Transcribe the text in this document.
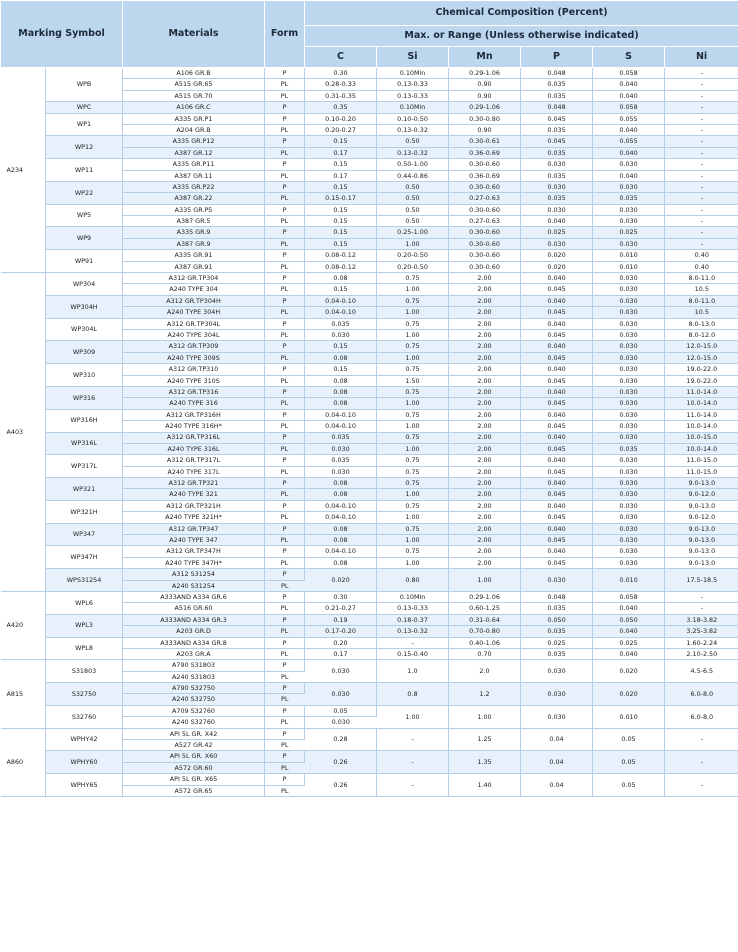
Marking Symbol		Materials	Form	Chemical Composition (Percent)					
				Max. or Range (Unless otherwise indicated)					
				C	Si	Mn	P	S	Ni
A234	WPB	A106 GR.B	P	0.30	0.10Min	0.29-1.06	0.048	0.058	-
		A515 GR.65	PL	0.28-0.33	0.13-0.33	0.90	0.035	0.040	-
		A515 GR.70	PL	0.31-0.35	0.13-0.33	0.90	0.035	0.040	-
	WPC	A106 GR.C	P	0.35	0.10Min	0.29-1.06	0.048	0.058	-
	WP1	A335 GR.P1	P	0.10-0.20	0.10-0.50	0.30-0.80	0.045	0.055	-
		A204 GR.B	PL	0.20-0.27	0.13-0.32	0.90	0.035	0.040	-
	WP12	A335 GR.P12	P	0.15	0.50	0.30-0.61	0.045	0.055	-
		A387 GR.12	PL	0.17	0.13-0.32	0.36-0.69	0.035	0.040	-
	WP11	A335 GR.P11	P	0.15	0.50-1.00	0.30-0.60	0.030	0.030	-
		A387 GR.11	PL	0.17	0.44-0.86	0.36-0.69	0.035	0.040	-
	WP22	A335 GR.P22	P	0.15	0.50	0.30-0.60	0.030	0.030	-
		A387 GR.22	PL	0.15-0.17	0.50	0.27-0.63	0.035	0.035	-
	WP5	A335 GR.P5	P	0.15	0.50	0.30-0.60	0.030	0.030	-
		A387 GR.5	PL	0.15	0.50	0.27-0.63	0.040	0.030	-
	WP9	A335 GR.9	P	0.15	0.25-1.00	0.30-0.60	0.025	0.025	-
		A387 GR.9	PL	0.15	1.00	0.30-0.60	0.030	0.030	-
	WP91	A335 GR.91	P	0.08-0.12	0.20-0.50	0.30-0.60	0.020	0.010	0.40
		A387 GR.91	PL	0.08-0.12	0.20-0.50	0.30-0.60	0.020	0.010	0.40
A403	WP304	A312 GR.TP304	P	0.08	0.75	2.00	0.040	0.030	8.0-11.0
		A240 TYPE 304	PL	0.15	1.00	2.00	0.045	0.030	10.5
	WP304H	A312 GR.TP304H	P	0.04-0.10	0.75	2.00	0.040	0.030	8.0-11.0
		A240 TYPE 304H	PL	0.04-0.10	1.00	2.00	0.045	0.030	10.5
	WP304L	A312 GR.TP304L	P	0.035	0.75	2.00	0.040	0.030	8.0-13.0
		A240 TYPE 304L	PL	0.030	1.00	2.00	0.045	0.030	8.0-12.0
	WP309	A312 GR.TP309	P	0.15	0.75	2.00	0.040	0.030	12.0-15.0
		A240 TYPE 309S	PL	0.08	1.00	2.00	0.045	0.030	12.0-15.0
	WP310	A312 GR.TP310	P	0.15	0.75	2.00	0.040	0.030	19.0-22.0
		A240 TYPE 310S	PL	0.08	1.50	2.00	0.045	0.030	19.0-22.0
	WP316	A312 GR.TP316	P	0.08	0.75	2.00	0.040	0.030	11.0-14.0
		A240 TYPE 316	PL	0.08	1.00	2.00	0.045	0.030	10.0-14.0
	WP316H	A312 GR.TP316H	P	0.04-0.10	0.75	2.00	0.040	0.030	11.0-14.0
		A240 TYPE 316H*	PL	0.04-0.10	1.00	2.00	0.045	0.030	10.0-14.0
	WP316L	A312 GR.TP316L	P	0.035	0.75	2.00	0.040	0.030	10.0-15.0
		A240 TYPE 316L	PL	0.030	1.00	2.00	0.045	0.035	10.0-14.0
	WP317L	A312 GR.TP317L	P	0.035	0.75	2.00	0.040	0.030	11.0-15.0
		A240 TYPE 317L	PL	0.030	0.75	2.00	0.045	0.030	11.0-15.0
	WP321	A312 GR.TP321	P	0.08	0.75	2.00	0.040	0.030	9.0-13.0
		A240 TYPE 321	PL	0.08	1.00	2.00	0.045	0.030	9.0-12.0
	WP321H	A312 GR.TP321H	P	0.04-0.10	0.75	2.00	0.040	0.030	9.0-13.0
		A240 TYPE 321H*	PL	0.04-0.10	1.00	2.00	0.045	0.030	9.0-12.0
	WP347	A312 GR.TP347	P	0.08	0.75	2.00	0.040	0.030	9.0-13.0
		A240 TYPE 347	PL	0.08	1.00	2.00	0.045	0.030	9.0-13.0
	WP347H	A312 GR.TP347H	P	0.04-0.10	0.75	2.00	0.040	0.030	9.0-13.0
		A240 TYPE 347H*	PL	0.08	1.00	2.00	0.045	0.030	9.0-13.0
	WPS31254	A312 S31254	P	0.020	0.80	1.00	0.030	0.010	17.5-18.5
		A240 S31254	PL						
A420	WPL6	A333AND A334 GR.6	P	0.30	0.10Min	0.29-1.06	0.048	0.058	-
		A516 GR.60	PL	0.21-0.27	0.13-0.33	0.60-1.25	0.035	0.040	-
	WPL3	A333AND A334 GR.3	P	0.19	0.18-0.37	0.31-0.64	0.050	0.050	3.18-3.82
		A203 GR.D	PL	0.17-0.20	0.13-0.32	0.70-0.80	0.035	0.040	3.25-3.82
	WPL8	A333AND A334 GR.8	P	0.20	-	0.40-1.06	0.025	0.025	1.60-2.24
		A203 GR.A	PL	0.17	0.15-0.40	0.70	0.035	0.040	2.10-2.50
A815	S31803	A790 S31803	P	0.030	1.0	2.0	0.030	0.020	4.5-6.5
		A240 S31803	PL						
	S32750	A790 S32750	P	0.030	0.8	1.2	0.030	0.020	6.0-8.0
		A240 S32750	PL						
	S32760	A709 S32760	P	0.05	1.00	1.00	0.030	0.010	6.0-8.0
		A240 S32760	PL	0.030					
A860	WPHY42	API 5L GR. X42	P	0.28	-	1.25	0.04	0.05	-
		A527 GR.42	PL						
	WPHY60	API 5L GR. X60	P	0.26	-	1.35	0.04	0.05	-
		A572 GR.60	PL						
	WPHY65	API 5L GR. X65	P	0.26	-	1.40	0.04	0.05	-
		A572 GR.65	PL						
